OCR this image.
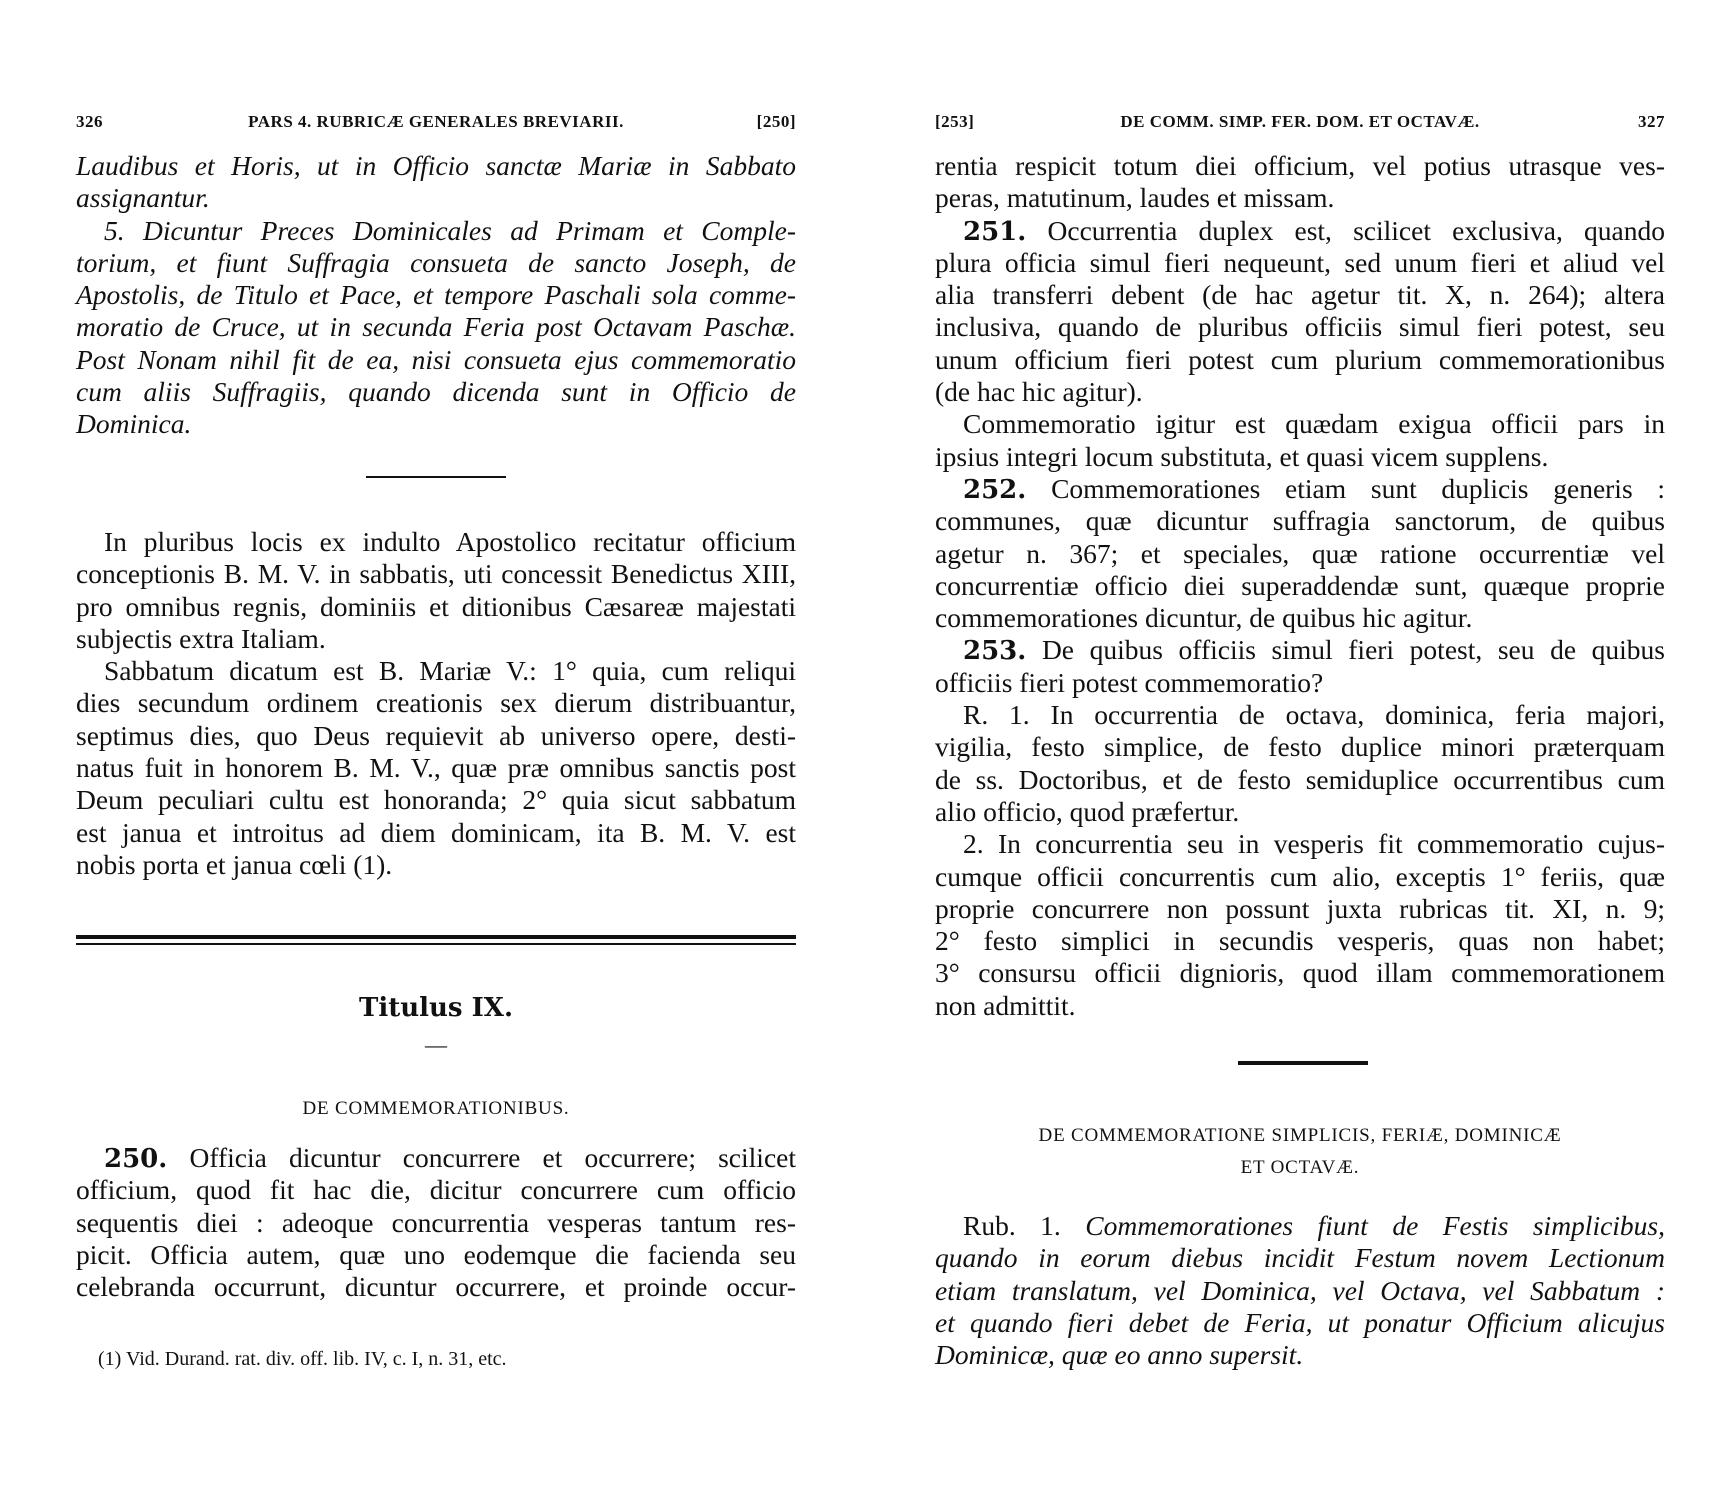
326	PARS 4. RUBRICÆ GENERALES BREVIARII.	[250]
Laudibus et Horis, ut in Officio sanctæ Mariæ in Sabbato
assignantur.
5. Dicuntur Preces Dominicales ad Primam et Comple-
torium, et fiunt Suffragia consueta de sancto Joseph, de
Apostolis, de Titulo et Pace, et tempore Paschali sola comme-
moratio de Cruce, ut in secunda Feria post Octavam Paschæ.
Post Nonam nihil fit de ea, nisi consueta ejus commemoratio
cum aliis Suffragiis, quando dicenda sunt in Officio de
Dominica.
In pluribus locis ex indulto Apostolico recitatur officium
conceptionis B. M. V. in sabbatis, uti concessit Benedictus XIII,
pro omnibus regnis, dominiis et ditionibus Cæsareæ majestati
subjectis extra Italiam.
Sabbatum dicatum est B. Mariæ V.: 1° quia, cum reliqui
dies secundum ordinem creationis sex dierum distribuantur,
septimus dies, quo Deus requievit ab universo opere, desti-
natus fuit in honorem B. M. V., quæ præ omnibus sanctis post
Deum peculiari cultu est honoranda; 2° quia sicut sabbatum
est janua et introitus ad diem dominicam, ita B. M. V. est
nobis porta et janua cœli (1).
Titulus IX.
—
DE COMMEMORATIONIBUS.
250. Officia dicuntur concurrere et occurrere; scilicet
officium, quod fit hac die, dicitur concurrere cum officio
sequentis diei : adeoque concurrentia vesperas tantum res-
picit. Officia autem, quæ uno eodemque die facienda seu
celebranda occurrunt, dicuntur occurrere, et proinde occur-
(1) Vid. Durand. rat. div. off. lib. IV, c. I, n. 31, etc.
[253]	DE COMM. SIMP. FER. DOM. ET OCTAVÆ.	327
rentia respicit totum diei officium, vel potius utrasque ves-
peras, matutinum, laudes et missam.
251. Occurrentia duplex est, scilicet exclusiva, quando
plura officia simul fieri nequeunt, sed unum fieri et aliud vel
alia transferri debent (de hac agetur tit. X, n. 264); altera
inclusiva, quando de pluribus officiis simul fieri potest, seu
unum officium fieri potest cum plurium commemorationibus
(de hac hic agitur).
Commemoratio igitur est quædam exigua officii pars in
ipsius integri locum substituta, et quasi vicem supplens.
252. Commemorationes etiam sunt duplicis generis :
communes, quæ dicuntur suffragia sanctorum, de quibus
agetur n. 367; et speciales, quæ ratione occurrentiæ vel
concurrentiæ officio diei superaddendæ sunt, quæque proprie
commemorationes dicuntur, de quibus hic agitur.
253. De quibus officiis simul fieri potest, seu de quibus
officiis fieri potest commemoratio?
R. 1. In occurrentia de octava, dominica, feria majori,
vigilia, festo simplice, de festo duplice minori præterquam
de ss. Doctoribus, et de festo semiduplice occurrentibus cum
alio officio, quod præfertur.
2. In concurrentia seu in vesperis fit commemoratio cujus-
cumque officii concurrentis cum alio, exceptis 1° feriis, quæ
proprie concurrere non possunt juxta rubricas tit. XI, n. 9;
2° festo simplici in secundis vesperis, quas non habet;
3° consursu officii dignioris, quod illam commemorationem
non admittit.
DE COMMEMORATIONE SIMPLICIS, FERIÆ, DOMINICÆ
ET OCTAVÆ.
Rub. 1. Commemorationes fiunt de Festis simplicibus,
quando in eorum diebus incidit Festum novem Lectionum
etiam translatum, vel Dominica, vel Octava, vel Sabbatum :
et quando fieri debet de Feria, ut ponatur Officium alicujus
Dominicæ, quæ eo anno supersit.
